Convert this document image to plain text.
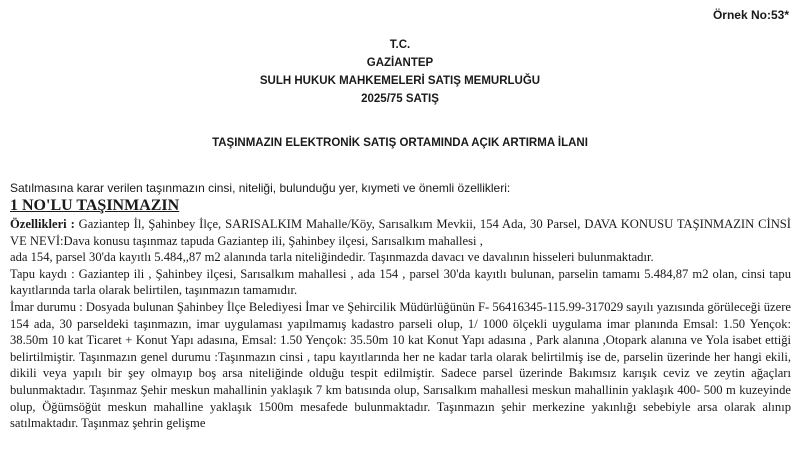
Örnek No:53*
T.C.
GAZİANTEP
SULH HUKUK MAHKEMELERİ SATIŞ MEMURLUĞU
2025/75 SATIŞ
TAŞINMAZIN ELEKTRONİK SATIŞ ORTAMINDA AÇIK ARTIRMA İLANI
Satılmasına karar verilen taşınmazın cinsi, niteliği, bulunduğu yer, kıymeti ve önemli özellikleri:
1 NO'LU TAŞINMAZIN

Özellikleri : Gaziantep İl, Şahinbey İlçe, SARISALKIM Mahalle/Köy, Sarısalkım Mevkii, 154 Ada, 30 Parsel, DAVA KONUSU TAŞINMAZIN CİNSİ VE NEVİ:Dava konusu taşınmaz tapuda Gaziantep ili, Şahinbey ilçesi, Sarısalkım mahallesi ,

ada 154, parsel 30'da kayıtlı 5.484,,87 m2 alanında tarla niteliğindedir. Taşınmazda davacı ve davalının hisseleri bulunmaktadır.

Tapu kaydı : Gaziantep ili , Şahinbey ilçesi, Sarısalkım mahallesi , ada 154 , parsel 30'da kayıtlı bulunan, parselin tamamı 5.484,87 m2 olan, cinsi tapu kayıtlarında tarla olarak belirtilen, taşınmazın tamamıdır.

İmar durumu : Dosyada bulunan Şahinbey İlçe Belediyesi İmar ve Şehircilik Müdürlüğünün F- 56416345-115.99-317029 sayılı yazısında görüleceği üzere 154 ada, 30 parseldeki taşınmazın, imar uygulaması yapılmamış kadastro parseli olup, 1/ 1000 ölçekli uygulama imar planında Emsal: 1.50 Yençok: 38.50m 10 kat Ticaret + Konut Yapı adasına, Emsal: 1.50 Yençok: 35.50m 10 kat Konut Yapı adasına , Park alanına ,Otopark alanına ve Yola isabet ettiği belirtilmiştir. Taşınmazın genel durumu :Taşınmazın cinsi , tapu kayıtlarında her ne kadar tarla olarak belirtilmiş ise de, parselin üzerinde her hangi ekili, dikili veya yapılı bir şey olmayıp boş arsa niteliğinde olduğu tespit edilmiştir. Sadece parsel üzerinde Bakımsız karışık ceviz ve zeytin ağaçları bulunmaktadır. Taşınmaz Şehir meskun mahallinin yaklaşık 7 km batısında olup, Sarısalkım mahallesi meskun mahallinin yaklaşık 400- 500 m kuzeyinde olup, Öğümsöğüt meskun mahalline yaklaşık 1500m mesafede bulunmaktadır. Taşınmazın şehir merkezine yakınlığı sebebiyle arsa olarak alınıp satılmaktadır. Taşınmaz şehrin gelişme
